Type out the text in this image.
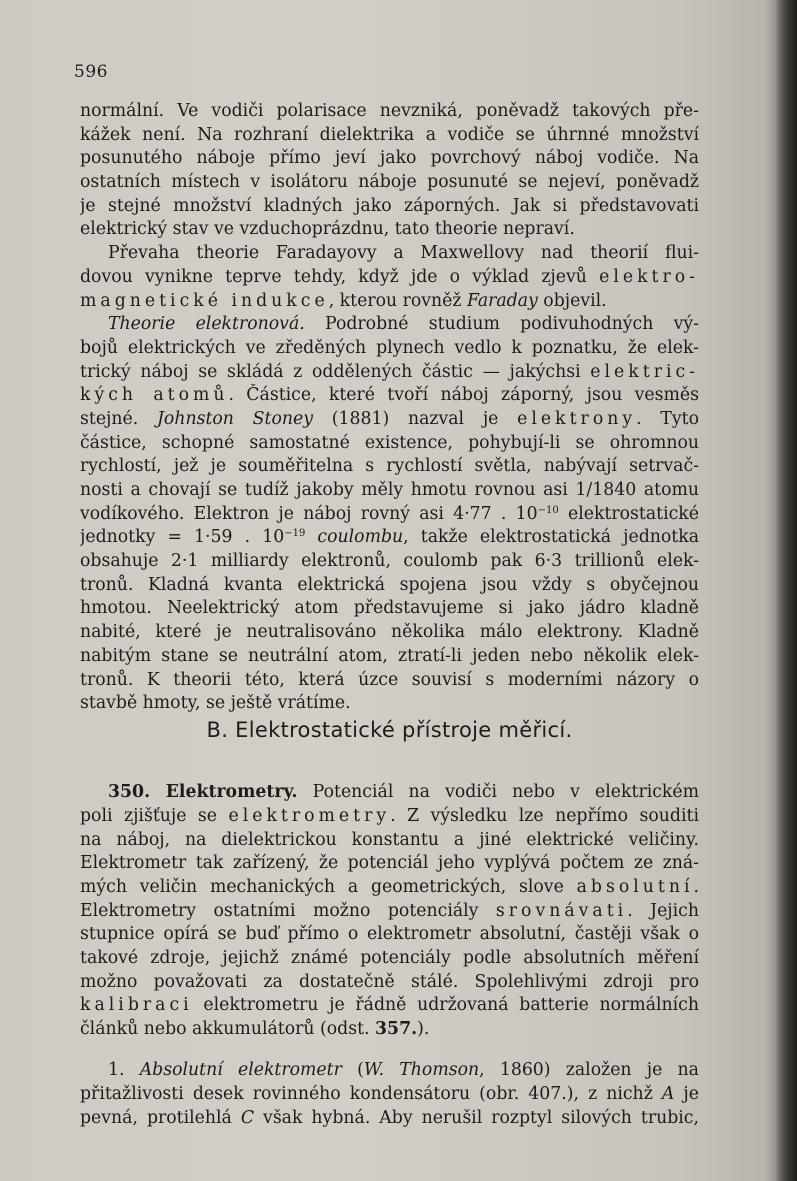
596

normální. Ve vodiči polarisace nevzniká, poněvadž takových pře-
kážek není. Na rozhraní dielektrika a vodiče se úhrnné množství
posunutého náboje přímo jeví jako povrchový náboj vodiče. Na
ostatních místech v isolátoru náboje posunuté se nejeví, poněvadž
je stejné množství kladných jako záporných. Jak si představovati
elektrický stav ve vzduchoprázdnu, tato theorie nepraví.

Převaha theorie Faradayovy a Maxwellovy nad theorií flui-
dovou vynikne teprve tehdy, když jde o výklad zjevů elektro-
magnetické indukce, kterou rovněž Faraday objevil.

Theorie elektronová. Podrobné studium podivuhodných vý-
bojů elektrických ve zředěných plynech vedlo k poznatku, že elek-
trický náboj se skládá z oddělených částic — jakýchsi elektric-
kých atomů. Částice, které tvoří náboj záporný, jsou vesměs
stejné. Johnston Stoney (1881) nazval je elektrony. Tyto
částice, schopné samostatné existence, pohybují-li se ohromnou
rychlostí, jež je souměřitelna s rychlostí světla, nabývají setrvač-
nosti a chovají se tudíž jakoby měly hmotu rovnou asi 1/1840 atomu
vodíkového. Elektron je náboj rovný asi 4·77 . $10^{-10}$ elektrostatické
jednotky = 1·59 . $10^{-19}$ coulombu, takže elektrostatická jednotka
obsahuje 2·1 milliardy elektronů, coulomb pak 6·3 trillionů elek-
tronů. Kladná kvanta elektrická spojena jsou vždy s obyčejnou
hmotou. Neelektrický atom představujeme si jako jádro kladně
nabité, které je neutralisováno několika málo elektrony. Kladně
nabitým stane se neutrální atom, ztratí-li jeden nebo několik elek-
tronů. K theorii této, která úzce souvisí s moderními názory o
stavbě hmoty, se ještě vrátíme.

B. Elektrostatické přístroje měřicí.

350. Elektrometry. Potenciál na vodiči nebo v elektrickém
poli zjišťuje se elektrometry. Z výsledku lze nepřímo souditi
na náboj, na dielektrickou konstantu a jiné elektrické veličiny.
Elektrometr tak zařízený, že potenciál jeho vyplývá počtem ze zná-
mých veličin mechanických a geometrických, slove absolutní.
Elektrometry ostatními možno potenciály srovnávati. Jejich
stupnice opírá se buď přímo o elektrometr absolutní, častěji však o
takové zdroje, jejichž známé potenciály podle absolutních měření
možno považovati za dostatečně stálé. Spolehlivými zdroji pro
kalibraci elektrometru je řádně udržovaná batterie normálních
článků nebo akkumulátorů (odst. 357.).

1. Absolutní elektrometr (W. Thomson, 1860) založen je na
přitažlivosti desek rovinného kondensátoru (obr. 407.), z nichž A je
pevná, protilehlá C však hybná. Aby nerušil rozptyl silových trubic,
